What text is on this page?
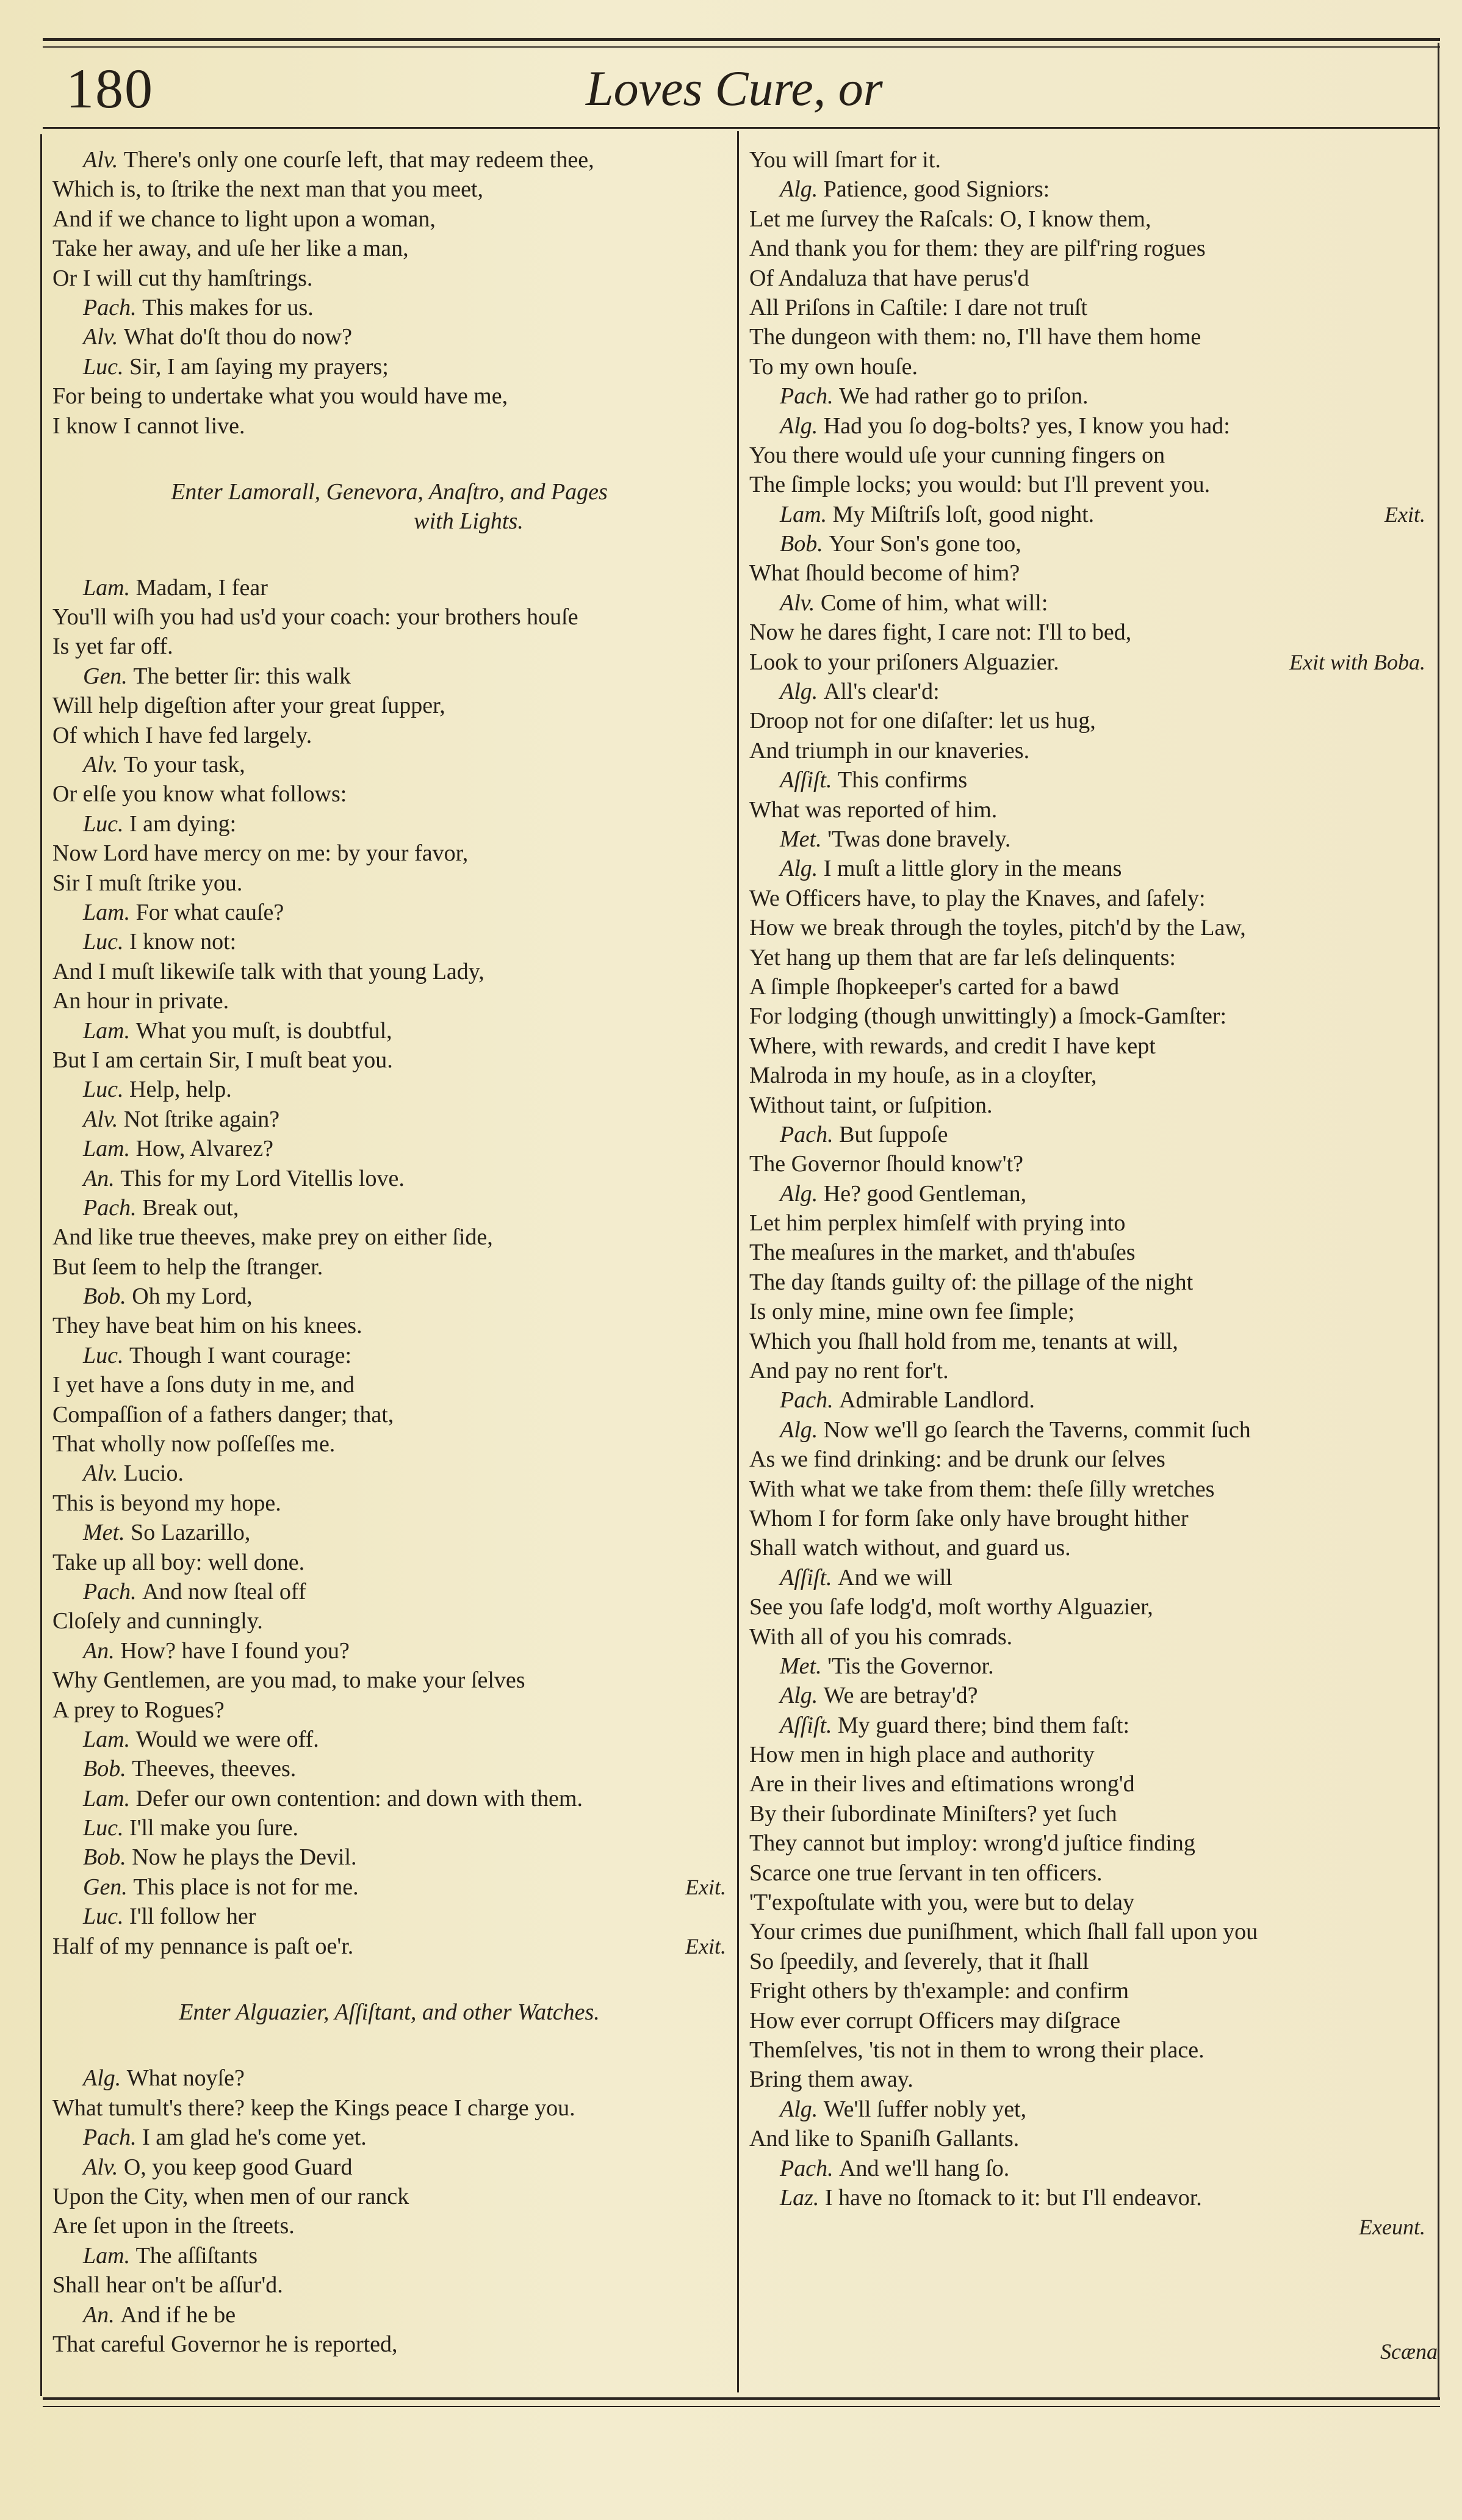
180	Loves Cure, or
Alv. There's only one courſe left, that may redeem thee,
Which is, to ſtrike the next man that you meet,
And if we chance to light upon a woman,
Take her away, and uſe her like a man,
Or I will cut thy hamſtrings.
Pach. This makes for us.
Alv. What do'ſt thou do now?
Luc. Sir, I am ſaying my prayers;
For being to undertake what you would have me,
I know I cannot live.
Enter Lamorall, Genevora, Anaſtro, and Pages
with Lights.
Lam. Madam, I fear
You'll wiſh you had us'd your coach: your brothers houſe
Is yet far off.
Gen. The better ſir: this walk
Will help digeſtion after your great ſupper,
Of which I have fed largely.
Alv. To your task,
Or elſe you know what follows:
Luc. I am dying:
Now Lord have mercy on me: by your favor,
Sir I muſt ſtrike you.
Lam. For what cauſe?
Luc. I know not:
And I muſt likewiſe talk with that young Lady,
An hour in private.
Lam. What you muſt, is doubtful,
But I am certain Sir, I muſt beat you.
Luc. Help, help.
Alv. Not ſtrike again?
Lam. How, Alvarez?
An. This for my Lord Vitellis love.
Pach. Break out,
And like true theeves, make prey on either ſide,
But ſeem to help the ſtranger.
Bob. Oh my Lord,
They have beat him on his knees.
Luc. Though I want courage:
I yet have a ſons duty in me, and
Compaſſion of a fathers danger; that,
That wholly now poſſeſſes me.
Alv. Lucio.
This is beyond my hope.
Met. So Lazarillo,
Take up all boy: well done.
Pach. And now ſteal off
Cloſely and cunningly.
An. How? have I found you?
Why Gentlemen, are you mad, to make your ſelves
A prey to Rogues?
Lam. Would we were off.
Bob. Theeves, theeves.
Lam. Defer our own contention: and down with them.
Luc. I'll make you ſure.
Bob. Now he plays the Devil.
Gen. This place is not for me.	Exit.
Luc. I'll follow her
Half of my pennance is paſt oe'r.	Exit.
Enter Alguazier, Aſſiſtant, and other Watches.
Alg. What noyſe?
What tumult's there? keep the Kings peace I charge you.
Pach. I am glad he's come yet.
Alv. O, you keep good Guard
Upon the City, when men of our ranck
Are ſet upon in the ſtreets.
Lam. The aſſiſtants
Shall hear on't be aſſur'd.
An. And if he be
That careful Governor he is reported,
You will ſmart for it.
Alg. Patience, good Signiors:
Let me ſurvey the Raſcals: O, I know them,
And thank you for them: they are pilf'ring rogues
Of Andaluza that have perus'd
All Priſons in Caſtile: I dare not truſt
The dungeon with them: no, I'll have them home
To my own houſe.
Pach. We had rather go to priſon.
Alg. Had you ſo dog-bolts? yes, I know you had:
You there would uſe your cunning fingers on
The ſimple locks; you would: but I'll prevent you.
Lam. My Miſtriſs loſt, good night.	Exit.
Bob. Your Son's gone too,
What ſhould become of him?
Alv. Come of him, what will:
Now he dares fight, I care not: I'll to bed,
Look to your priſoners Alguazier.	Exit with Boba.
Alg. All's clear'd:
Droop not for one diſaſter: let us hug,
And triumph in our knaveries.
Aſſiſt. This confirms
What was reported of him.
Met. 'Twas done bravely.
Alg. I muſt a little glory in the means
We Officers have, to play the Knaves, and ſafely:
How we break through the toyles, pitch'd by the Law,
Yet hang up them that are far leſs delinquents:
A ſimple ſhopkeeper's carted for a bawd
For lodging (though unwittingly) a ſmock-Gamſter:
Where, with rewards, and credit I have kept
Malroda in my houſe, as in a cloyſter,
Without taint, or ſuſpition.
Pach. But ſuppoſe
The Governor ſhould know't?
Alg. He? good Gentleman,
Let him perplex himſelf with prying into
The meaſures in the market, and th'abuſes
The day ſtands guilty of: the pillage of the night
Is only mine, mine own fee ſimple;
Which you ſhall hold from me, tenants at will,
And pay no rent for't.
Pach. Admirable Landlord.
Alg. Now we'll go ſearch the Taverns, commit ſuch
As we find drinking: and be drunk our ſelves
With what we take from them: theſe ſilly wretches
Whom I for form ſake only have brought hither
Shall watch without, and guard us.
Aſſiſt. And we will
See you ſafe lodg'd, moſt worthy Alguazier,
With all of you his comrads.
Met. 'Tis the Governor.
Alg. We are betray'd?
Aſſiſt. My guard there; bind them faſt:
How men in high place and authority
Are in their lives and eſtimations wrong'd
By their ſubordinate Miniſters? yet ſuch
They cannot but imploy: wrong'd juſtice finding
Scarce one true ſervant in ten officers.
'T'expoſtulate with you, were but to delay
Your crimes due puniſhment, which ſhall fall upon you
So ſpeedily, and ſeverely, that it ſhall
Fright others by th'example: and confirm
How ever corrupt Officers may diſgrace
Themſelves, 'tis not in them to wrong their place.
Bring them away.
Alg. We'll ſuffer nobly yet,
And like to Spaniſh Gallants.
Pach. And we'll hang ſo.
Laz. I have no ſtomack to it: but I'll endeavor.
Exeunt.
Scæna
